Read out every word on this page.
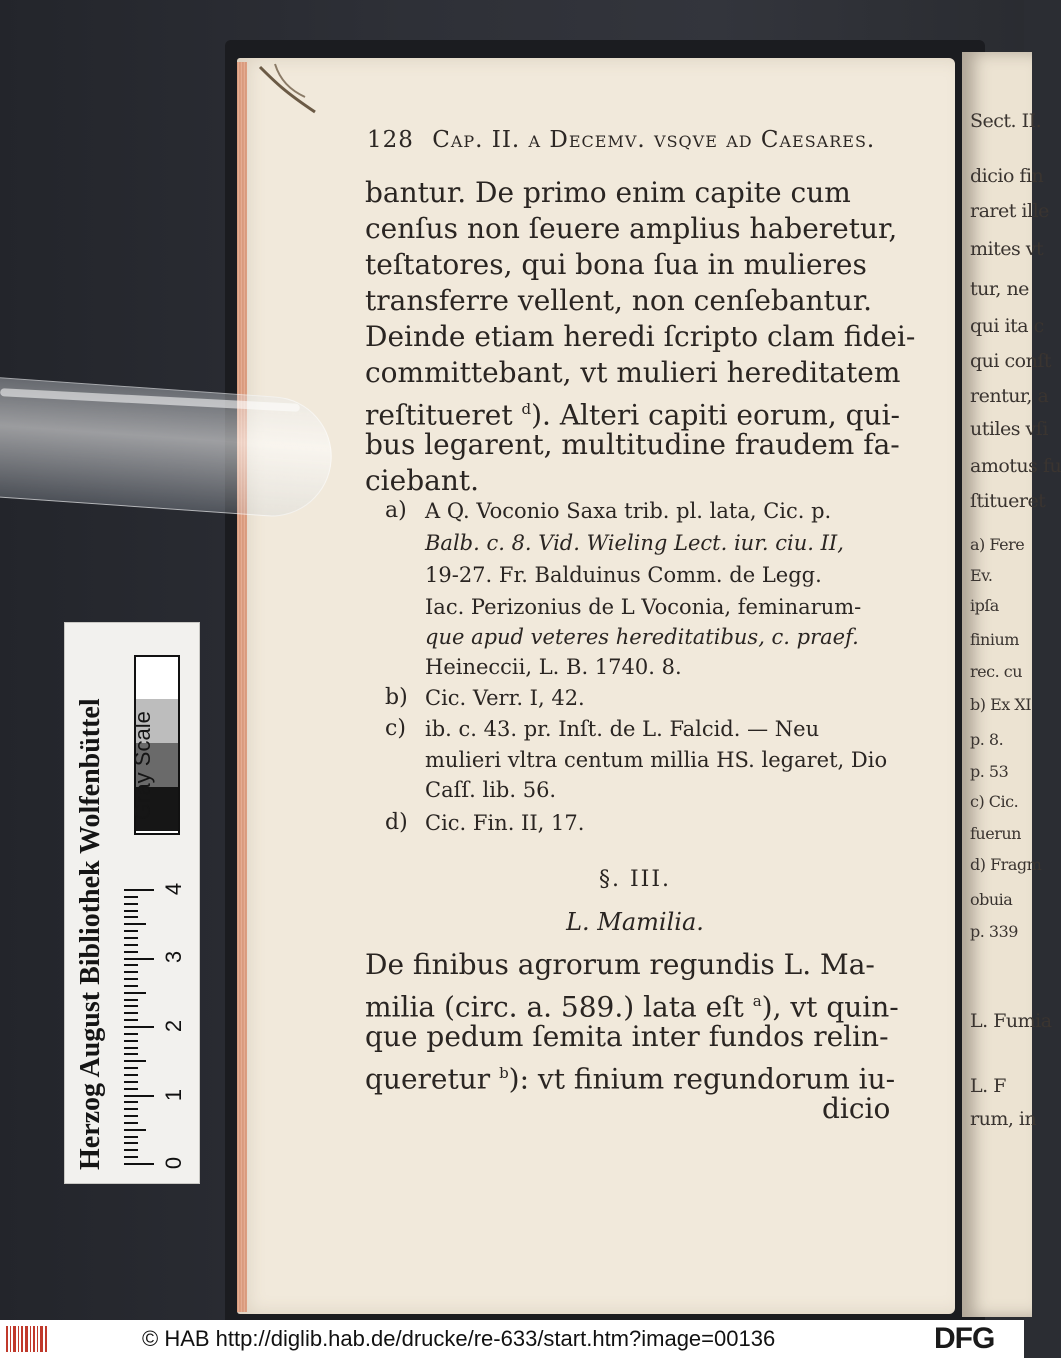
Sect. II.
dicio fin
raret ille
mites vt
tur, ne
qui ita c
qui conſt
rentur, a
utiles vſi
amotus fu
ſtitueret
a) Fere
Ev.
ipſa
finium
rec. cu
b) Ex XI
p. 8.
p. 53
c) Cic.
fuerun
d) Fragm
obuia
p. 339
L. Fumia
L. F
rum, in
128 Cap. II. a Decemv. vsqve ad Caesares.
bantur. De primo enim capite cum
cenſus non ſeuere amplius haberetur,
teſtatores, qui bona ſua in mulieres
transferre vellent, non cenſebantur.
Deinde etiam heredi ſcripto clam fidei-
committebant, vt mulieri hereditatem
reſtitueret $^d$). Alteri capiti eorum, qui-
bus legarent, multitudine fraudem fa-
ciebant.
a) A Q. Voconio Saxa trib. pl. lata, Cic. p.
Balb. c. 8. Vid. Wieling Lect. iur. ciu. II,
19-27. Fr. Balduinus Comm. de Legg.
Iac. Perizonius de L Voconia, feminarum-
que apud veteres hereditatibus, c. praef.
Heineccii, L. B. 1740. 8.
b) Cic. Verr. I, 42.
c) ib. c. 43. pr. Inſt. de L. Falcid. — Neu
mulieri vltra centum millia HS. legaret, Dio
Caſſ. lib. 56.
d) Cic. Fin. II, 17.
§. III.
L. Mamilia.
De finibus agrorum regundis L. Ma-
milia (circ. a. 589.) lata eſt $^a$), vt quin-
que pedum ſemita inter fundos relin-
queretur $^b$): vt finium regundorum iu-
dicio
Herzog August Bibliothek Wolfenbüttel Gray Scale
0
1
2
3
4
© HAB http://diglib.hab.de/drucke/re-633/start.htm?image=00136	DFG
